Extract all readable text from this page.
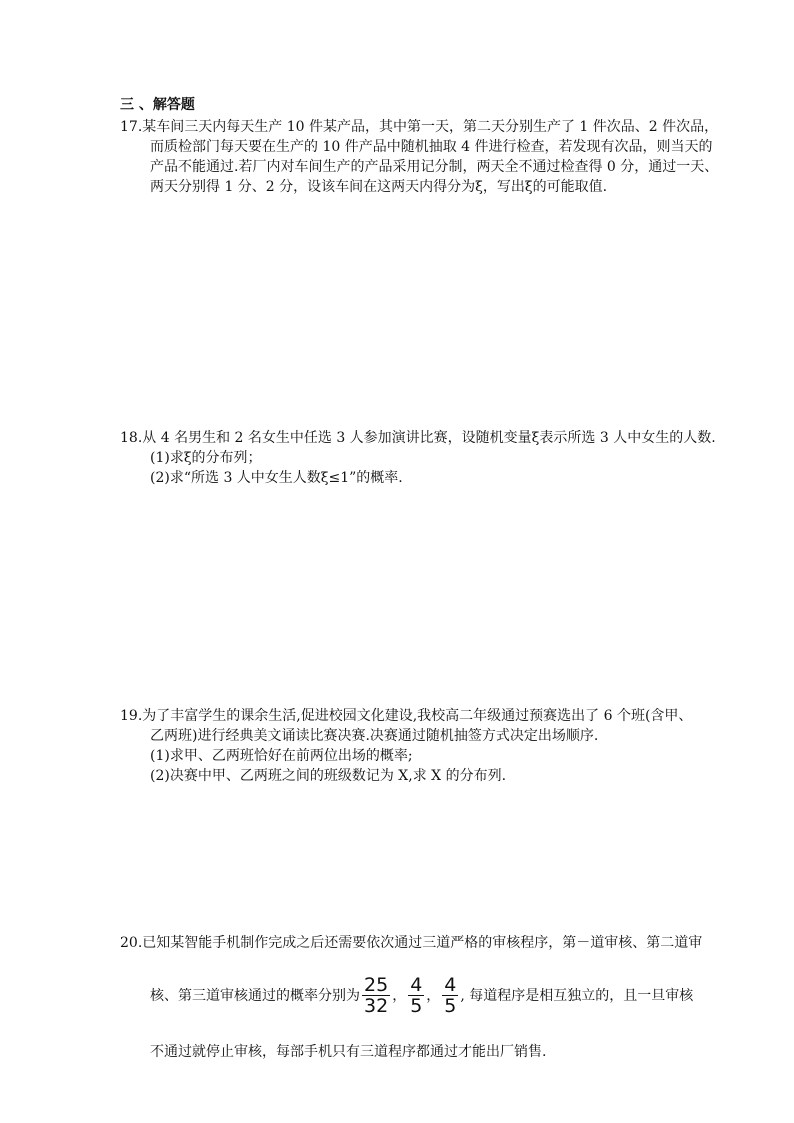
三 、解答题
17.某车间三天内每天生产 10 件某产品，其中第一天，第二天分别生产了 1 件次品、2 件次品，
而质检部门每天要在生产的 10 件产品中随机抽取 4 件进行检查，若发现有次品，则当天的
产品不能通过.若厂内对车间生产的产品采用记分制，两天全不通过检查得 0 分，通过一天、
两天分别得 1 分、2 分，设该车间在这两天内得分为ξ，写出ξ的可能取值.
18.从 4 名男生和 2 名女生中任选 3 人参加演讲比赛，设随机变量ξ表示所选 3 人中女生的人数.
(1)求ξ的分布列；
(2)求“所选 3 人中女生人数ξ≤1”的概率.
19.为了丰富学生的课余生活,促进校园文化建设,我校高二年级通过预赛选出了 6 个班(含甲、
乙两班)进行经典美文诵读比赛决赛.决赛通过随机抽签方式决定出场顺序.
(1)求甲、乙两班恰好在前两位出场的概率;
(2)决赛中甲、乙两班之间的班级数记为 X,求 X 的分布列.
20.已知某智能手机制作完成之后还需要依次通过三道严格的审核程序，第－道审核、第二道审
核、第三道审核通过的概率分别为 $\frac{25}{32}$ ， $\frac{4}{5}$ ， $\frac{4}{5}$ , 每道程序是相互独立的，且一旦审核
不通过就停止审核，每部手机只有三道程序都通过才能出厂销售.
